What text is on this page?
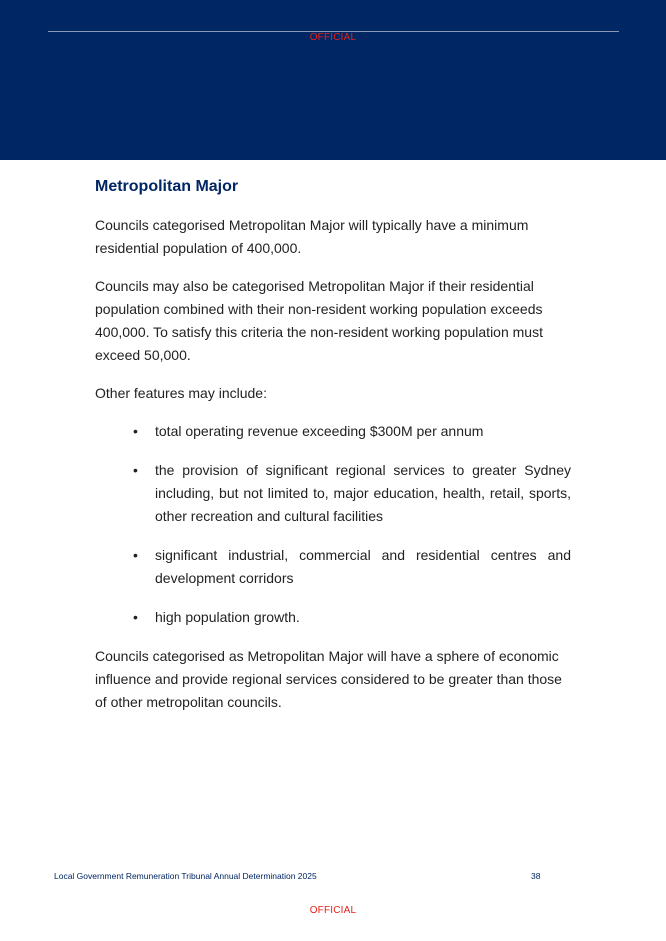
OFFICIAL
Metropolitan Major

Councils categorised Metropolitan Major will typically have a minimum residential population of 400,000.

Councils may also be categorised Metropolitan Major if their residential population combined with their non-resident working population exceeds 400,000. To satisfy this criteria the non-resident working population must exceed 50,000.

Other features may include:

• total operating revenue exceeding $300M per annum
• the provision of significant regional services to greater Sydney including, but not limited to, major education, health, retail, sports, other recreation and cultural facilities
• significant industrial, commercial and residential centres and development corridors
• high population growth.

Councils categorised as Metropolitan Major will have a sphere of economic influence and provide regional services considered to be greater than those of other metropolitan councils.

Local Government Remuneration Tribunal Annual Determination 2025	38
OFFICIAL
